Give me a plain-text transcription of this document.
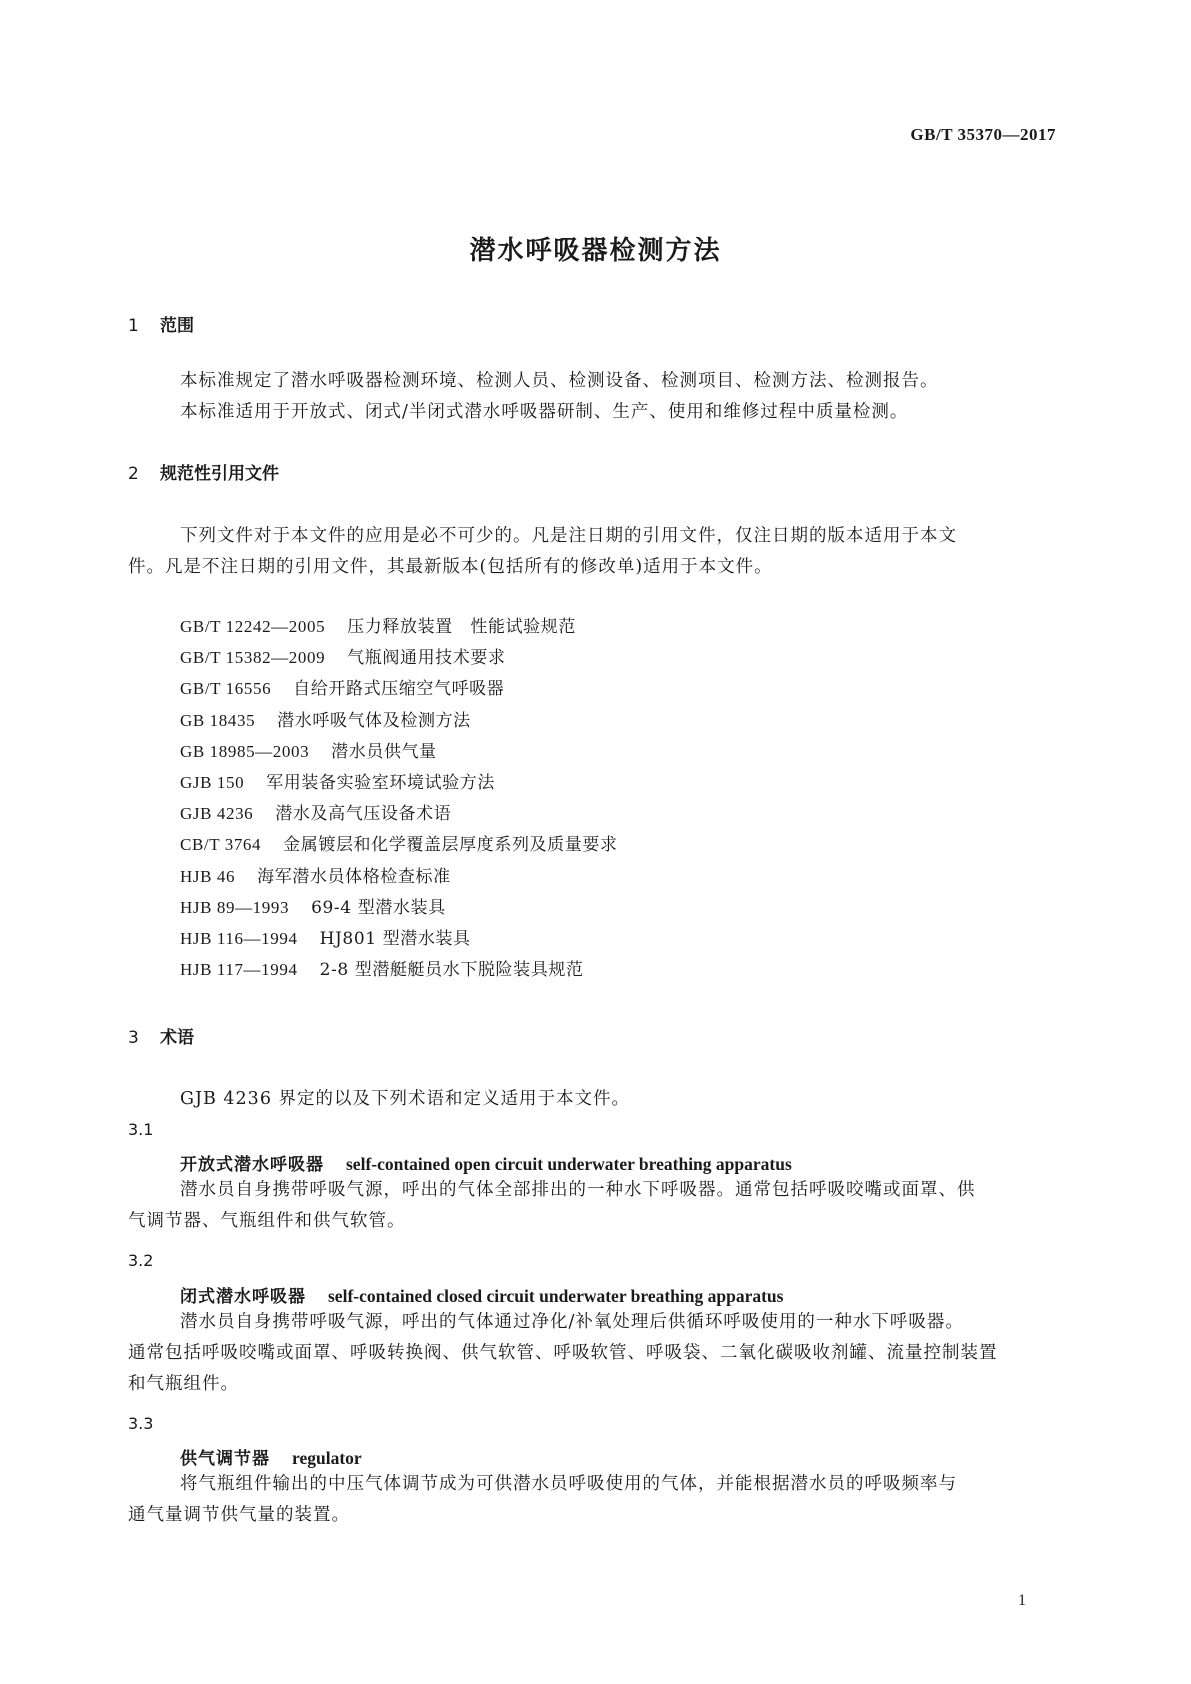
GB/T 35370—2017
潜水呼吸器检测方法
1 范围
本标准规定了潜水呼吸器检测环境、检测人员、检测设备、检测项目、检测方法、检测报告。
本标准适用于开放式、闭式/半闭式潜水呼吸器研制、生产、使用和维修过程中质量检测。
2 规范性引用文件
下列文件对于本文件的应用是必不可少的。凡是注日期的引用文件，仅注日期的版本适用于本文
件。凡是不注日期的引用文件，其最新版本(包括所有的修改单)适用于本文件。
GB/T 12242—2005 压力释放装置　性能试验规范
GB/T 15382—2009 气瓶阀通用技术要求
GB/T 16556 自给开路式压缩空气呼吸器
GB 18435 潜水呼吸气体及检测方法
GB 18985—2003 潜水员供气量
GJB 150 军用装备实验室环境试验方法
GJB 4236 潜水及高气压设备术语
CB/T 3764 金属镀层和化学覆盖层厚度系列及质量要求
HJB 46 海军潜水员体格检查标准
HJB 89—1993 69-4 型潜水装具
HJB 116—1994 HJ801 型潜水装具
HJB 117—1994 2-8 型潜艇艇员水下脱险装具规范
3 术语
GJB 4236 界定的以及下列术语和定义适用于本文件。
3.1
开放式潜水呼吸器 self-contained open circuit underwater breathing apparatus
潜水员自身携带呼吸气源，呼出的气体全部排出的一种水下呼吸器。通常包括呼吸咬嘴或面罩、供
气调节器、气瓶组件和供气软管。
3.2
闭式潜水呼吸器 self-contained closed circuit underwater breathing apparatus
潜水员自身携带呼吸气源，呼出的气体通过净化/补氧处理后供循环呼吸使用的一种水下呼吸器。
通常包括呼吸咬嘴或面罩、呼吸转换阀、供气软管、呼吸软管、呼吸袋、二氧化碳吸收剂罐、流量控制装置
和气瓶组件。
3.3
供气调节器 regulator
将气瓶组件输出的中压气体调节成为可供潜水员呼吸使用的气体，并能根据潜水员的呼吸频率与
通气量调节供气量的装置。
1
